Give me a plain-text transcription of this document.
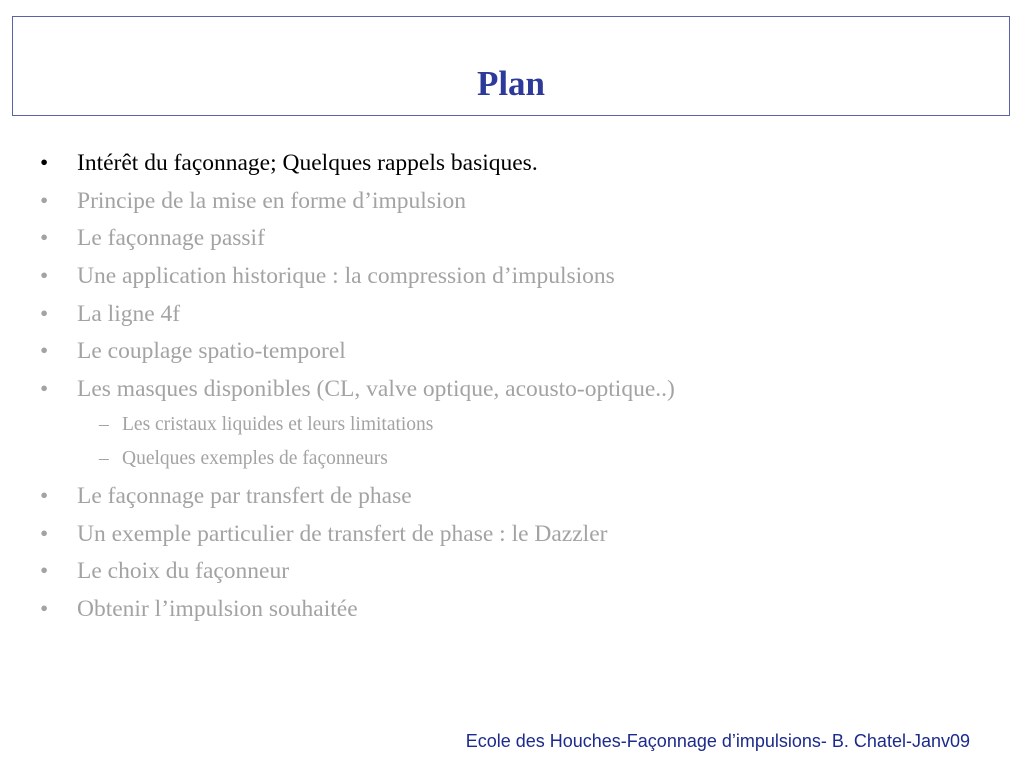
Plan
• Intérêt du façonnage; Quelques rappels basiques.
• Principe de la mise en forme d’impulsion
• Le façonnage passif
• Une application historique : la compression d’impulsions
• La ligne 4f
• Le couplage spatio-temporel
• Les masques disponibles (CL, valve optique, acousto-optique..)
– Les cristaux liquides et leurs limitations
– Quelques exemples de façonneurs
• Le façonnage par transfert de phase
• Un exemple particulier de transfert de phase : le Dazzler
• Le choix du façonneur
• Obtenir l’impulsion souhaitée
Ecole des Houches-Façonnage d’impulsions- B. Chatel-Janv09
